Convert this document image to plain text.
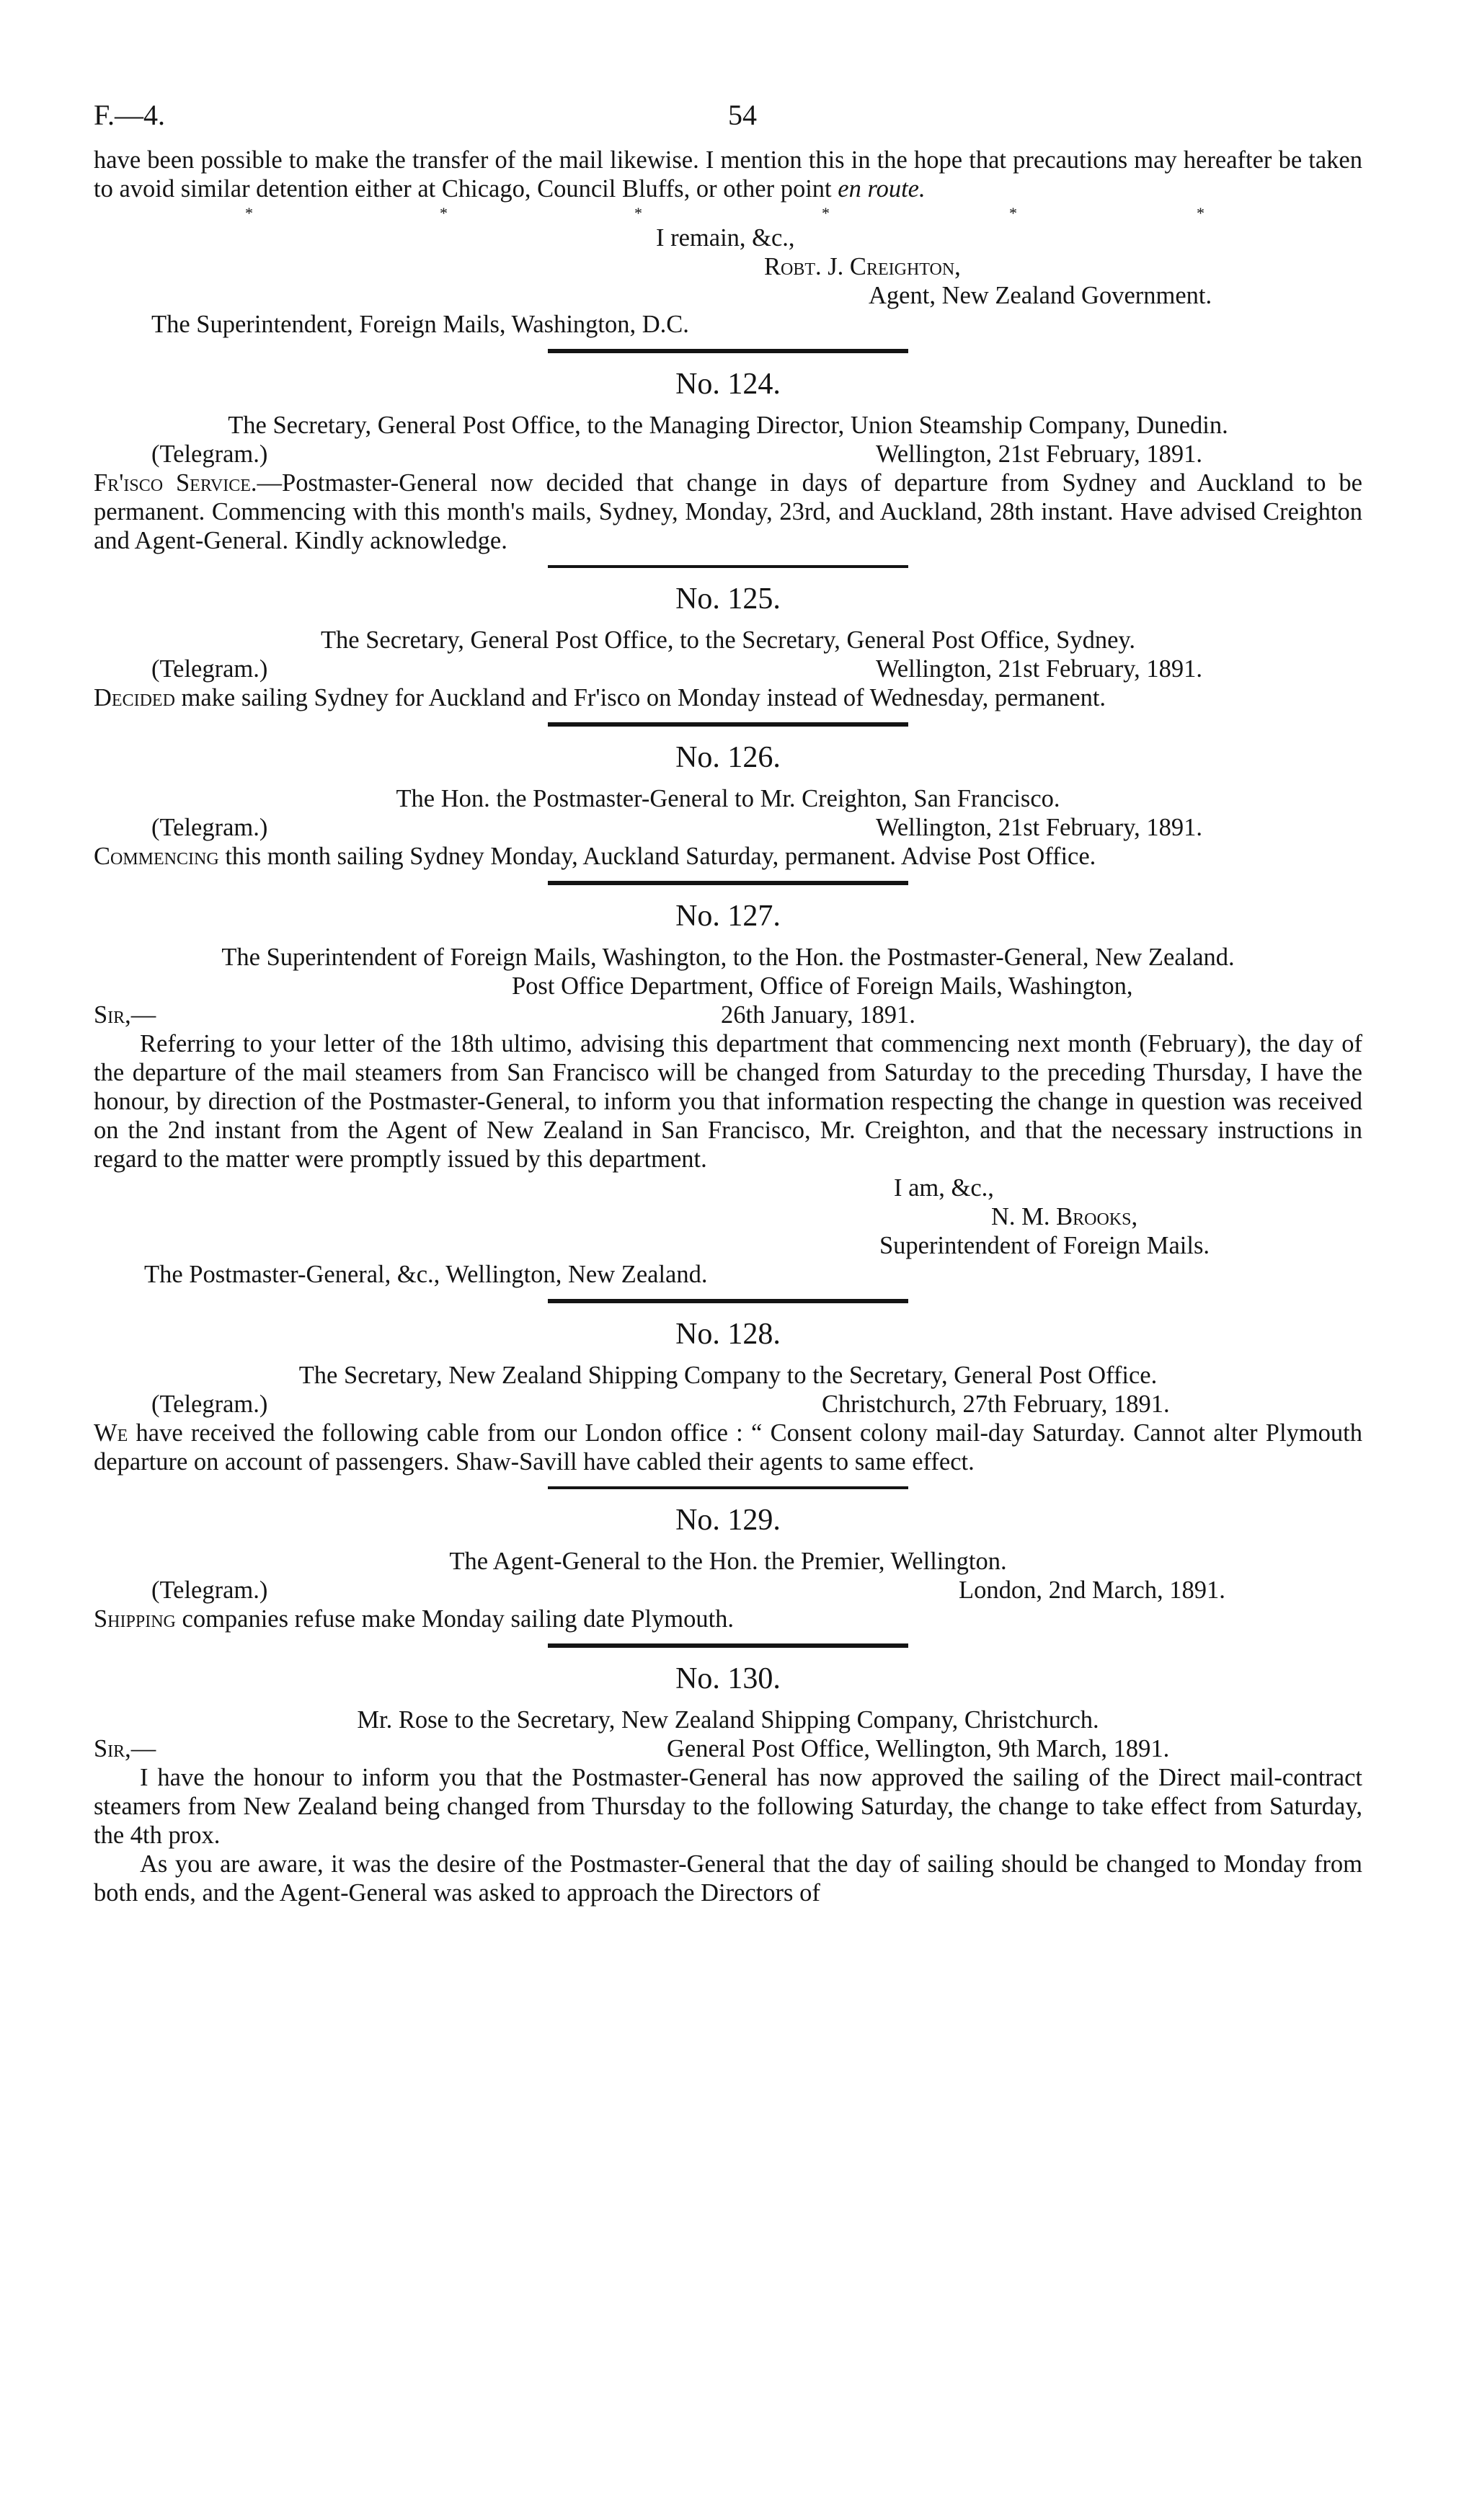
F.—4.	54

have been possible to make the transfer of the mail likewise. I mention this in the hope that precautions may hereafter be taken to avoid similar detention either at Chicago, Council Bluffs, or other point en route.

*	*	*	*	*	*
I remain, &c.,
Robt. J. Creighton,
Agent, New Zealand Government.
The Superintendent, Foreign Mails, Washington, D.C.
No. 124.

The Secretary, General Post Office, to the Managing Director, Union Steamship Company, Dunedin.

(Telegram.)	Wellington, 21st February, 1891.

Fr'isco Service.—Postmaster-General now decided that change in days of departure from Sydney and Auckland to be permanent. Commencing with this month's mails, Sydney, Monday, 23rd, and Auckland, 28th instant. Have advised Creighton and Agent-General. Kindly acknowledge.

No. 125.

The Secretary, General Post Office, to the Secretary, General Post Office, Sydney.

(Telegram.)	Wellington, 21st February, 1891.

Decided make sailing Sydney for Auckland and Fr'isco on Monday instead of Wednesday, permanent.

No. 126.

The Hon. the Postmaster-General to Mr. Creighton, San Francisco.

(Telegram.)	Wellington, 21st February, 1891.

Commencing this month sailing Sydney Monday, Auckland Saturday, permanent. Advise Post Office.

No. 127.

The Superintendent of Foreign Mails, Washington, to the Hon. the Postmaster-General, New Zealand.

Post Office Department, Office of Foreign Mails, Washington,
Sir,—	26th January, 1891.

Referring to your letter of the 18th ultimo, advising this department that commencing next month (February), the day of the departure of the mail steamers from San Francisco will be changed from Saturday to the preceding Thursday, I have the honour, by direction of the Postmaster-General, to inform you that information respecting the change in question was received on the 2nd instant from the Agent of New Zealand in San Francisco, Mr. Creighton, and that the necessary instructions in regard to the matter were promptly issued by this department.

I am, &c.,
N. M. Brooks,
Superintendent of Foreign Mails.
The Postmaster-General, &c., Wellington, New Zealand.
No. 128.

The Secretary, New Zealand Shipping Company to the Secretary, General Post Office.

(Telegram.)	Christchurch, 27th February, 1891.

We have received the following cable from our London office : “ Consent colony mail-day Saturday. Cannot alter Plymouth departure on account of passengers. Shaw-Savill have cabled their agents to same effect.

No. 129.

The Agent-General to the Hon. the Premier, Wellington.

(Telegram.)	London, 2nd March, 1891.

Shipping companies refuse make Monday sailing date Plymouth.

No. 130.

Mr. Rose to the Secretary, New Zealand Shipping Company, Christchurch.

Sir,—	General Post Office, Wellington, 9th March, 1891.

I have the honour to inform you that the Postmaster-General has now approved the sailing of the Direct mail-contract steamers from New Zealand being changed from Thursday to the following Saturday, the change to take effect from Saturday, the 4th prox.

As you are aware, it was the desire of the Postmaster-General that the day of sailing should be changed to Monday from both ends, and the Agent-General was asked to approach the Directors of
